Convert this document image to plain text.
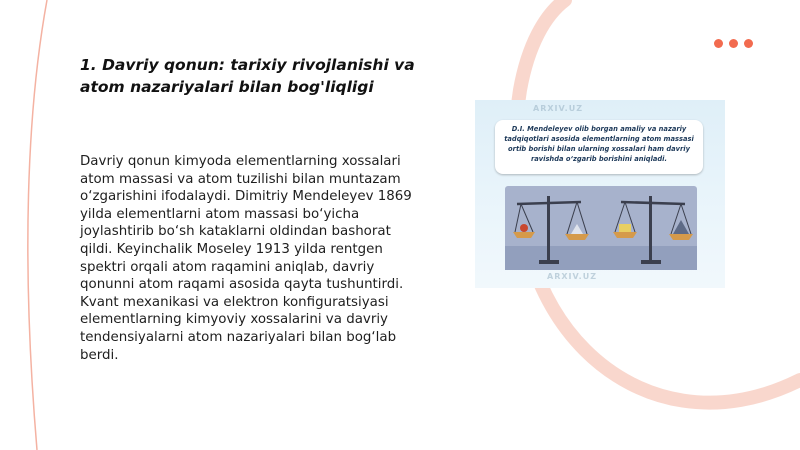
1. Davriy qonun: tarixiy rivojlanishi va atom nazariyalari bilan bog'liqligi

Davriy qonun kimyoda elementlarning xossalari atom massasi va atom tuzilishi bilan muntazam o‘zgarishini ifodalaydi. Dimitriy Mendeleyev 1869 yilda elementlarni atom massasi bo‘yicha joylashtirib bo‘sh kataklarni oldindan bashorat qildi. Keyinchalik Moseley 1913 yilda rentgen spektri orqali atom raqamini aniqlab, davriy qonunni atom raqami asosida qayta tushuntirdi. Kvant mexanikasi va elektron konfiguratsiyasi elementlarning kimyoviy xossalarini va davriy tendensiyalarni atom nazariyalari bilan bog‘lab berdi.

ARXIV.UZ
ARXIV.UZ
D.I. Mendeleyev olib borgan amaliy va nazariy tadqiqotlari asosida elementlarning atom massasi ortib borishi bilan ularning xossalari ham davriy ravishda o‘zgarib borishini aniqladi.
